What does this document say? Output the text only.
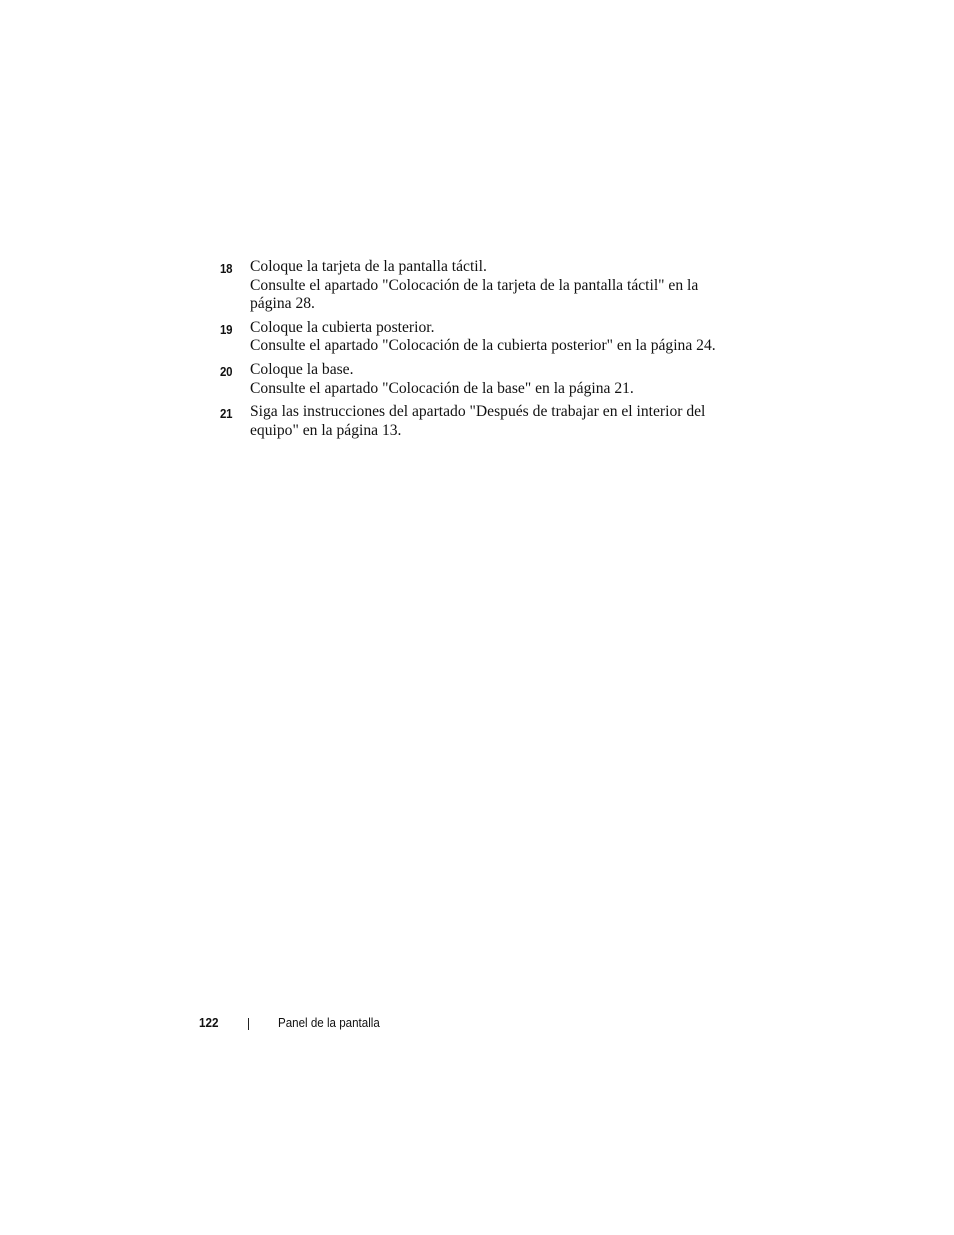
18 Coloque la tarjeta de la pantalla táctil.
Consulte el apartado "Colocación de la tarjeta de la pantalla táctil" en la
página 28.

19 Coloque la cubierta posterior.
Consulte el apartado "Colocación de la cubierta posterior" en la página 24.

20 Coloque la base.
Consulte el apartado "Colocación de la base" en la página 21.

21 Siga las instrucciones del apartado "Después de trabajar en el interior del
equipo" en la página 13.

122	Panel de la pantalla
